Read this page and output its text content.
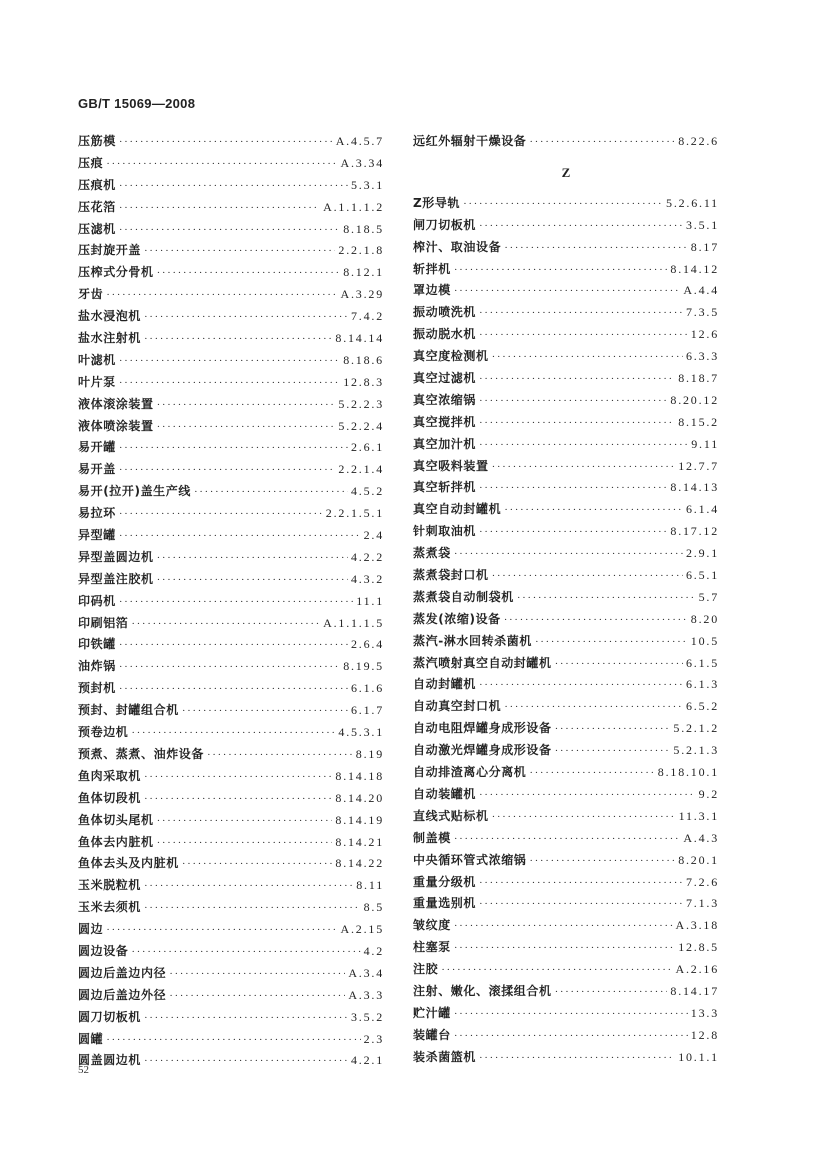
GB/T 15069—2008
压筋模 ·····	A.4.5.7
压痕 ·····	A.3.34
压痕机 ·····	5.3.1
压花箔 ·····	A.1.1.1.2
压滤机 ·····	8.18.5
压封旋开盖 ·····	2.2.1.8
压榨式分骨机 ·····	8.12.1
牙齿 ·····	A.3.29
盐水浸泡机 ·····	7.4.2
盐水注射机 ·····	8.14.14
叶滤机 ·····	8.18.6
叶片泵 ·····	12.8.3
液体滚涂装置 ·····	5.2.2.3
液体喷涂装置 ·····	5.2.2.4
易开罐 ·····	2.6.1
易开盖 ·····	2.2.1.4
易开(拉开)盖生产线 ·····	4.5.2
易拉环 ·····	2.2.1.5.1
异型罐 ·····	2.4
异型盖圆边机 ·····	4.2.2
异型盖注胶机 ·····	4.3.2
印码机 ·····	11.1
印刷铝箔 ·····	A.1.1.1.5
印铁罐 ·····	2.6.4
油炸锅 ·····	8.19.5
预封机 ·····	6.1.6
预封、封罐组合机 ·····	6.1.7
预卷边机 ·····	4.5.3.1
预煮、蒸煮、油炸设备 ·····	8.19
鱼肉采取机 ·····	8.14.18
鱼体切段机 ·····	8.14.20
鱼体切头尾机 ·····	8.14.19
鱼体去内脏机 ·····	8.14.21
鱼体去头及内脏机 ·····	8.14.22
玉米脱粒机 ·····	8.11
玉米去须机 ·····	8.5
圆边 ·····	A.2.15
圆边设备 ·····	4.2
圆边后盖边内径 ·····	A.3.4
圆边后盖边外径 ·····	A.3.3
圆刀切板机 ·····	3.5.2
圆罐 ·····	2.3
圆盖圆边机 ·····	4.2.1
远红外辐射干燥设备 ·····	8.22.6
Z
Z形导轨 ·····	5.2.6.11
闸刀切板机 ·····	3.5.1
榨汁、取油设备 ·····	8.17
斩拌机 ·····	8.14.12
罩边模 ·····	A.4.4
振动喷洗机 ·····	7.3.5
振动脱水机 ·····	12.6
真空度检测机 ·····	6.3.3
真空过滤机 ·····	8.18.7
真空浓缩锅 ·····	8.20.12
真空搅拌机 ·····	8.15.2
真空加汁机 ·····	9.11
真空吸料装置 ·····	12.7.7
真空斩拌机 ·····	8.14.13
真空自动封罐机 ·····	6.1.4
针刺取油机 ·····	8.17.12
蒸煮袋 ·····	2.9.1
蒸煮袋封口机 ·····	6.5.1
蒸煮袋自动制袋机 ·····	5.7
蒸发(浓缩)设备 ·····	8.20
蒸汽-淋水回转杀菌机 ·····	10.5
蒸汽喷射真空自动封罐机 ·····	6.1.5
自动封罐机 ·····	6.1.3
自动真空封口机 ·····	6.5.2
自动电阻焊罐身成形设备 ·····	5.2.1.2
自动激光焊罐身成形设备 ·····	5.2.1.3
自动排渣离心分离机 ·····	8.18.10.1
自动装罐机 ·····	9.2
直线式贴标机 ·····	11.3.1
制盖模 ·····	A.4.3
中央循环管式浓缩锅 ·····	8.20.1
重量分级机 ·····	7.2.6
重量选别机 ·····	7.1.3
皱纹度 ·····	A.3.18
柱塞泵 ·····	12.8.5
注胶 ·····	A.2.16
注射、嫩化、滚揉组合机 ·····	8.14.17
贮汁罐 ·····	13.3
装罐台 ·····	12.8
装杀菌篮机 ·····	10.1.1
52
